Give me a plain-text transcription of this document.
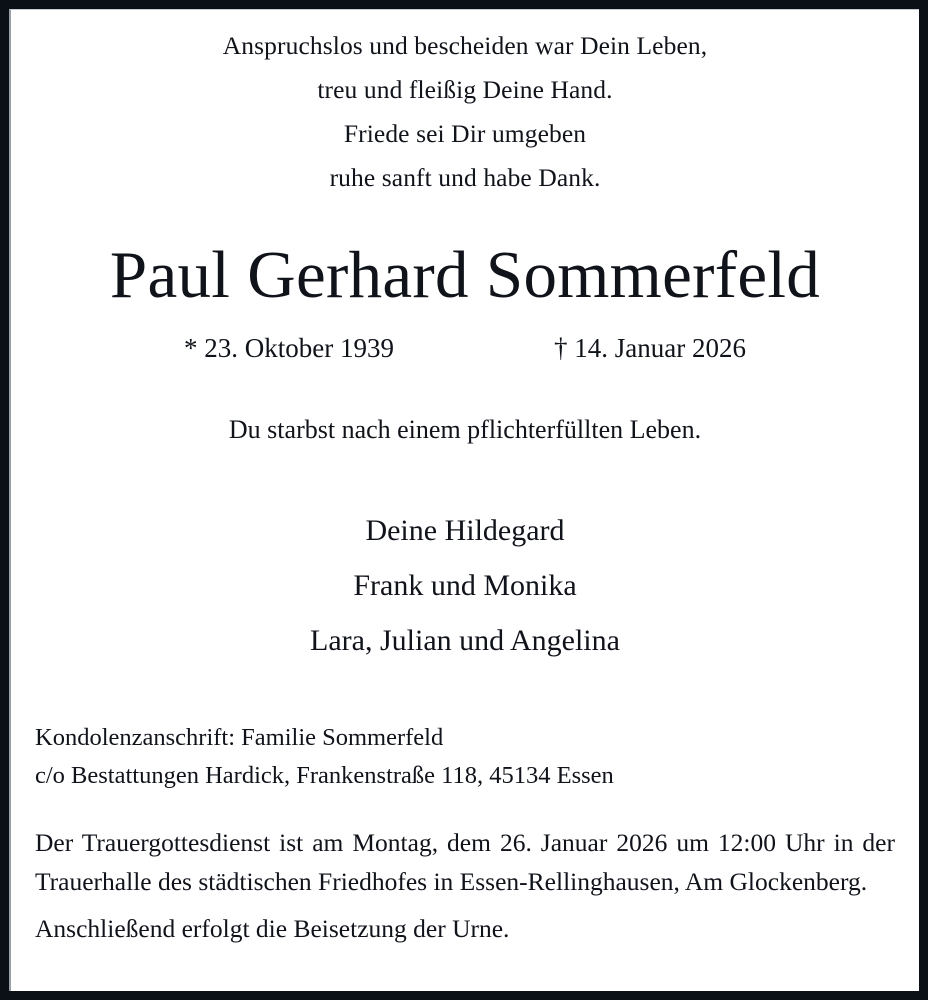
Anspruchslos und bescheiden war Dein Leben,
treu und fleißig Deine Hand.
Friede sei Dir umgeben
ruhe sanft und habe Dank.
Paul Gerhard Sommerfeld
* 23. Oktober 1939	† 14. Januar 2026
Du starbst nach einem pflichterfüllten Leben.
Deine Hildegard
Frank und Monika
Lara, Julian und Angelina
Kondolenzanschrift: Familie Sommerfeld
c/o Bestattungen Hardick, Frankenstraße 118, 45134 Essen

Der Trauergottesdienst ist am Montag, dem 26. Januar 2026 um 12:00 Uhr in der Trauerhalle des städtischen Friedhofes in Essen-Rellinghausen, Am Glockenberg.

Anschließend erfolgt die Beisetzung der Urne.
